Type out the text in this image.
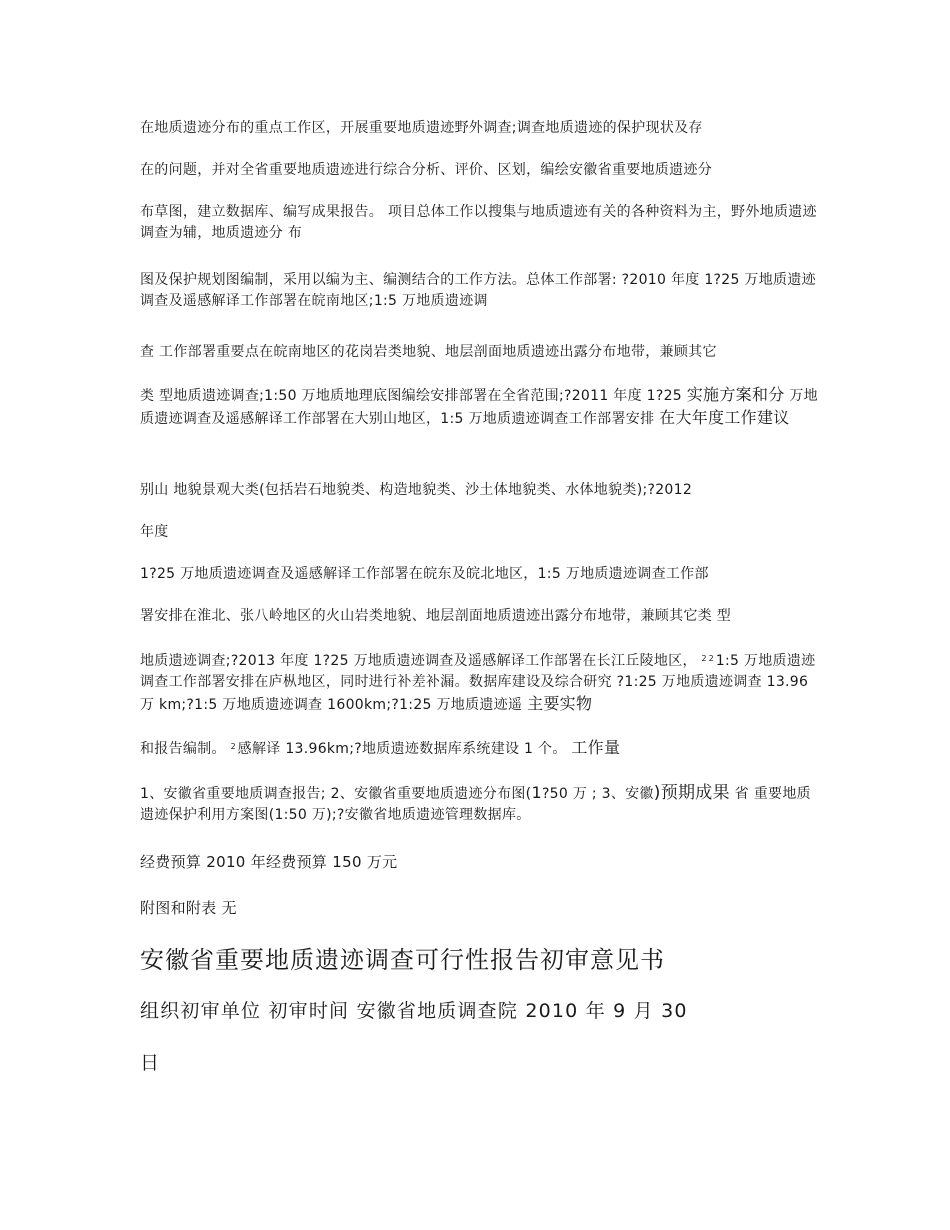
在地质遗迹分布的重点工作区，开展重要地质遗迹野外调查;调查地质遗迹的保护现状及存
在的问题，并对全省重要地质遗迹进行综合分析、评价、区划，编绘安徽省重要地质遗迹分
布草图，建立数据库、编写成果报告。 项目总体工作以搜集与地质遗迹有关的各种资料为主，野外地质遗迹调查为辅，地质遗迹分 布
图及保护规划图编制，采用以编为主、编测结合的工作方法。总体工作部署: ?2010 年度 1?25 万地质遗迹调查及遥感解译工作部署在皖南地区;1:5 万地质遗迹调
查 工作部署重要点在皖南地区的花岗岩类地貌、地层剖面地质遗迹出露分布地带，兼顾其它
类 型地质遗迹调查;1:50 万地质地理底图编绘安排部署在全省范围;?2011 年度 1?25 实施方案和分 万地 质遗迹调查及遥感解译工作部署在大别山地区，1:5 万地质遗迹调查工作部署安排 在大年度工作建议
别山 地貌景观大类(包括岩石地貌类、构造地貌类、沙土体地貌类、水体地貌类);?2012
年度
1?25 万地质遗迹调查及遥感解译工作部署在皖东及皖北地区，1:5 万地质遗迹调查工作部
署安排在淮北、张八岭地区的火山岩类地貌、地层剖面地质遗迹出露分布地带，兼顾其它类 型
地质遗迹调查;?2013 年度 1?25 万地质遗迹调查及遥感解译工作部署在长江丘陵地区， $^{22}$1:5 万地质遗迹调查工作部署安排在庐枞地区，同时进行补差补漏。数据库建设及综合研究 ?1:25 万地质遗迹调查 13.96 万 km;?1:5 万地质遗迹调查 1600km;?1:25 万地质遗迹遥 主要实物
和报告编制。 $^2$感解译 13.96km;?地质遗迹数据库系统建设 1 个。 工作量
1、安徽省重要地质调查报告; 2、安徽省重要地质遗迹分布图(1?50 万 ; 3、安徽)预期成果 省 重要地质遗迹保护利用方案图(1:50 万);?安徽省地质遗迹管理数据库。
经费预算 2010 年经费预算 150 万元
附图和附表 无
安徽省重要地质遗迹调查可行性报告初审意见书
组织初审单位 初审时间 安徽省地质调查院 2010 年 9 月 30
日
